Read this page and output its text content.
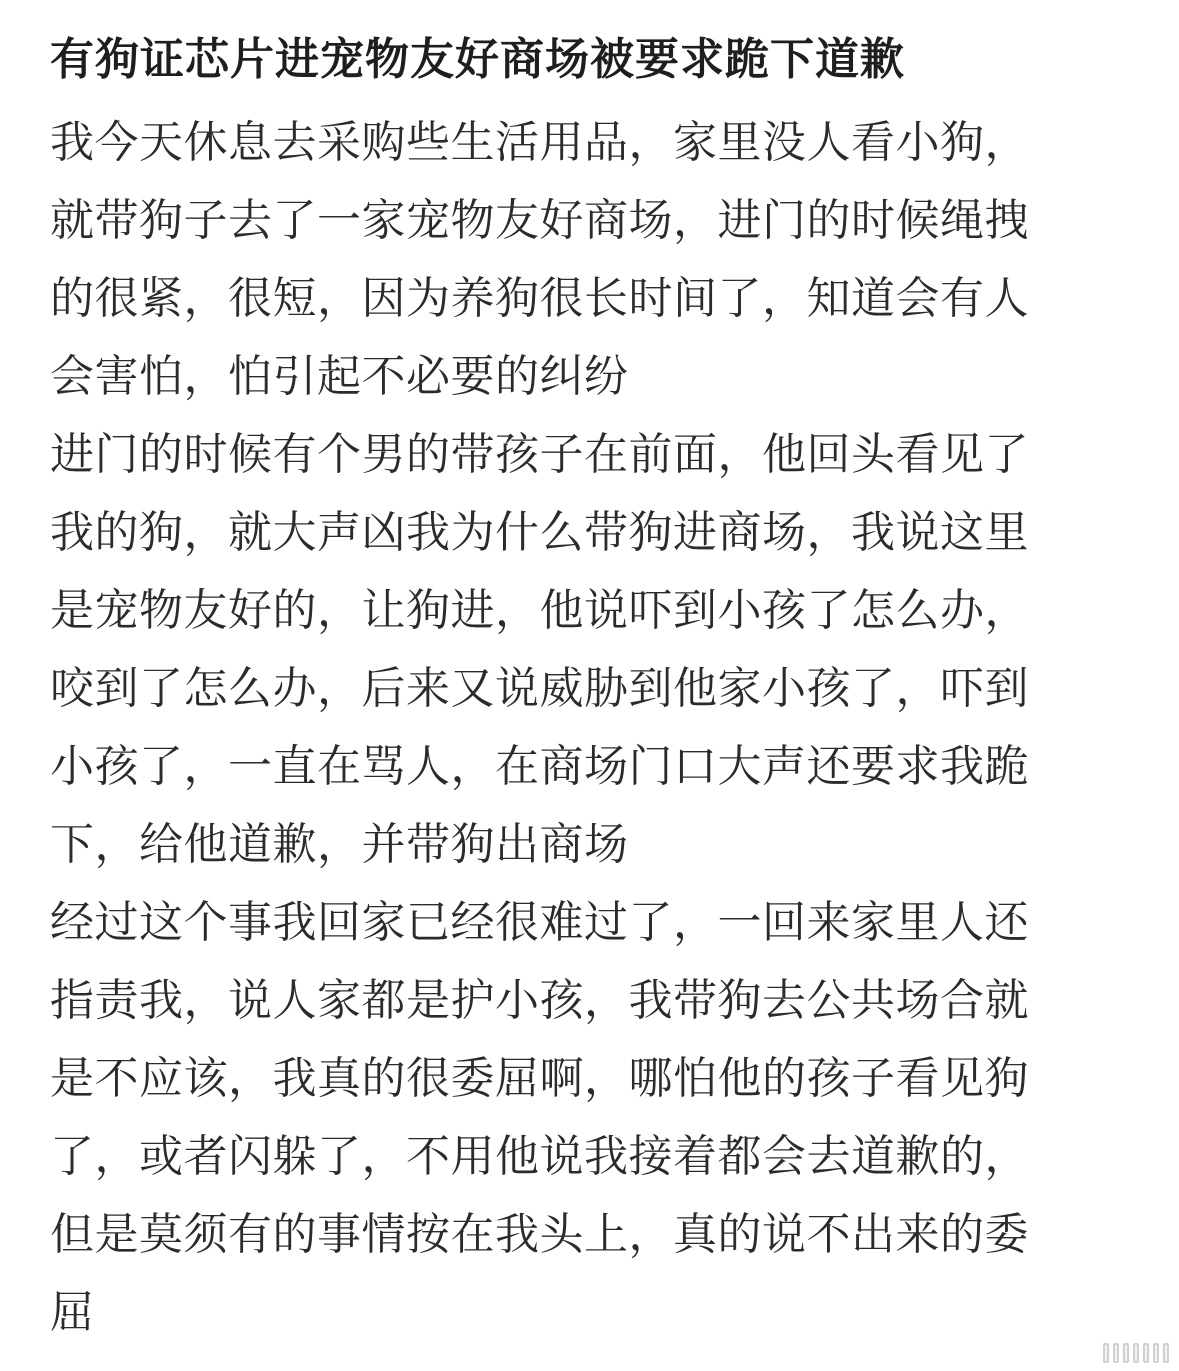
有狗证芯片进宠物友好商场被要求跪下道歉
我今天休息去采购些生活用品，家里没人看小狗，
就带狗子去了一家宠物友好商场，进门的时候绳拽
的很紧，很短，因为养狗很长时间了，知道会有人
会害怕，怕引起不必要的纠纷
进门的时候有个男的带孩子在前面，他回头看见了
我的狗，就大声凶我为什么带狗进商场，我说这里
是宠物友好的，让狗进，他说吓到小孩了怎么办，
咬到了怎么办，后来又说威胁到他家小孩了，吓到
小孩了，一直在骂人，在商场门口大声还要求我跪
下，给他道歉，并带狗出商场
经过这个事我回家已经很难过了，一回来家里人还
指责我，说人家都是护小孩，我带狗去公共场合就
是不应该，我真的很委屈啊，哪怕他的孩子看见狗
了，或者闪躲了，不用他说我接着都会去道歉的，
但是莫须有的事情按在我头上，真的说不出来的委
屈
